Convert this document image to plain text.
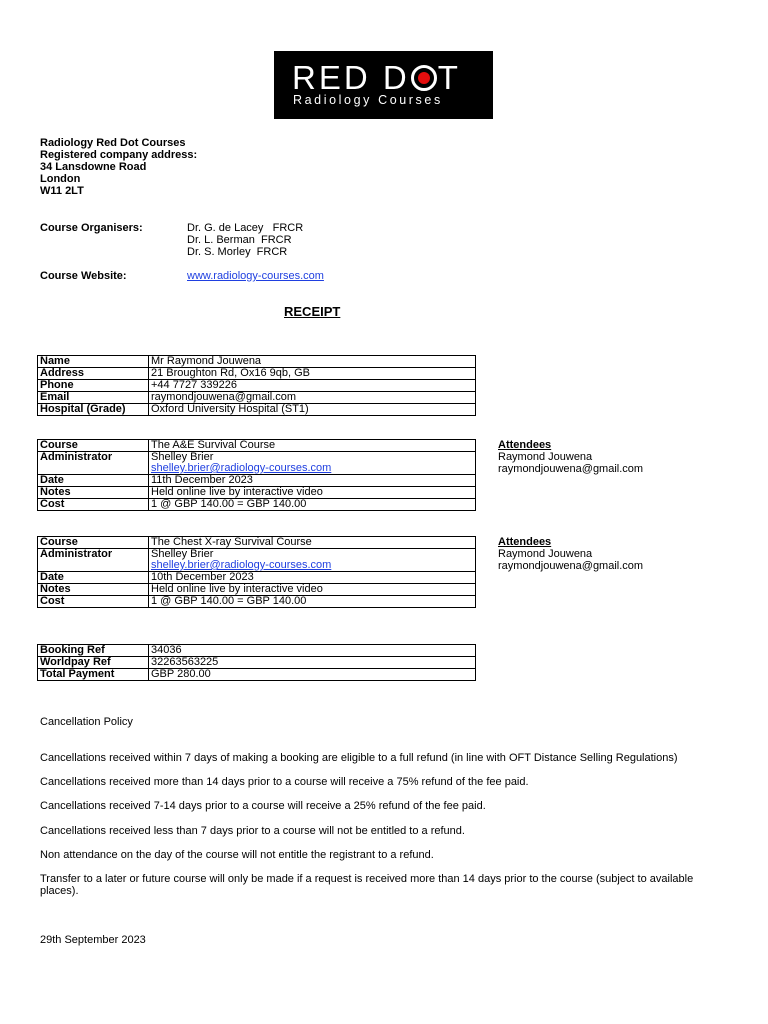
RED D T
Radiology Courses
Radiology Red Dot Courses
Registered company address:
34 Lansdowne Road
London
W11 2LT
Course Organisers:	Dr. G. de Lacey   FRCR
Dr. L. Berman  FRCR
Dr. S. Morley  FRCR
Course Website:	www.radiology-courses.com
RECEIPT
Name	Mr Raymond Jouwena
Address	21 Broughton Rd, Ox16 9qb, GB
Phone	+44 7727 339226
Email	raymondjouwena@gmail.com
Hospital (Grade)	Oxford University Hospital (ST1)
Course	The A&E Survival Course
Administrator	Shelley Brier
	shelley.brier@radiology-courses.com
Date	11th December 2023
Notes	Held online live by interactive video
Cost	1 @ GBP 140.00 = GBP 140.00
Attendees
Raymond Jouwena
raymondjouwena@gmail.com
Course	The Chest X-ray Survival Course
Administrator	Shelley Brier
	shelley.brier@radiology-courses.com
Date	10th December 2023
Notes	Held online live by interactive video
Cost	1 @ GBP 140.00 = GBP 140.00
Attendees
Raymond Jouwena
raymondjouwena@gmail.com
Booking Ref	34036
Worldpay Ref	32263563225
Total Payment	GBP 280.00
Cancellation Policy
Cancellations received within 7 days of making a booking are eligible to a full refund (in line with OFT Distance Selling Regulations)
Cancellations received more than 14 days prior to a course will receive a 75% refund of the fee paid.
Cancellations received 7-14 days prior to a course will receive a 25% refund of the fee paid.
Cancellations received less than 7 days prior to a course will not be entitled to a refund.
Non attendance on the day of the course will not entitle the registrant to a refund.
Transfer to a later or future course will only be made if a request is received more than 14 days prior to the course (subject to available places).
29th September 2023
